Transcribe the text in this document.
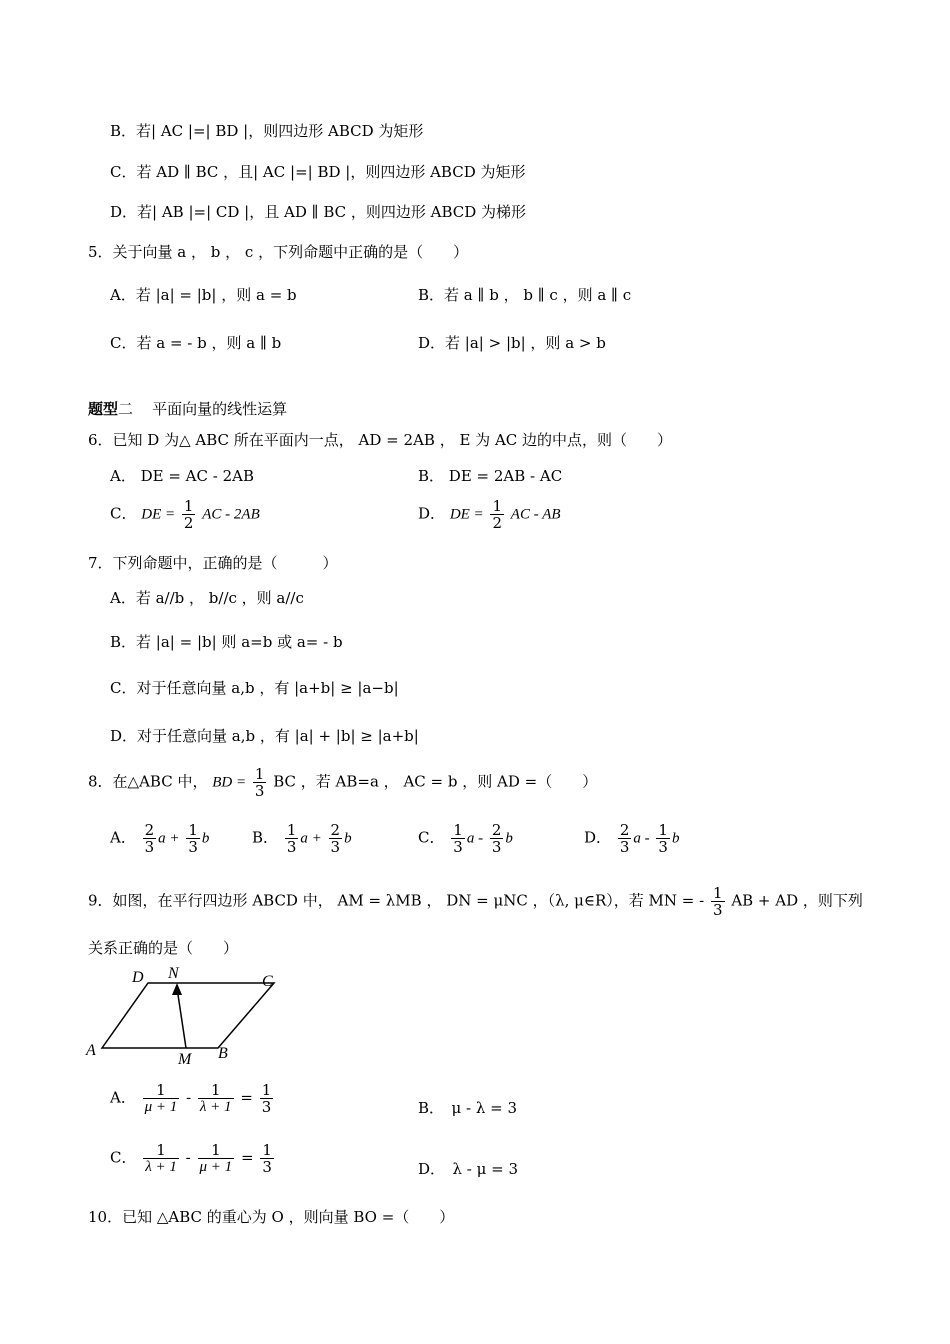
B．若| AC |=| BD |，则四边形 ABCD 为矩形
C．若 AD ∥ BC ，且| AC |=| BD |，则四边形 ABCD 为矩形
D．若| AB |=| CD |，且 AD ∥ BC ，则四边形 ABCD 为梯形
5．关于向量 a ， b ， c ，下列命题中正确的是（　　）
A．若 |a| = |b| ，则 a = b	B．若 a ∥ b ， b ∥ c ，则 a ∥ c
C．若 a = - b ，则 a ∥ b	D．若 |a| > |b| ，则 a > b
题型二 平面向量的线性运算
6．已知 D 为△ ABC 所在平面内一点， AD = 2AB ， E 为 AC 边的中点，则（　　）
A． DE = AC - 2AB	B． DE = 2AB - AC
C． DE = $\frac{1}{2}$ AC - 2AB	D． DE = $\frac{1}{2}$ AC - AB
7．下列命题中，正确的是（　　　）
A．若 a//b ， b//c ，则 a//c
B．若 |a| = |b| 则 a=b 或 a= - b
C．对于任意向量 a,b ，有 |a+b| ≥ |a−b|
D．对于任意向量 a,b ，有 |a| + |b| ≥ |a+b|
8．在△ABC 中， BD = $\frac{1}{3}$ BC ，若 AB=a ， AC = b ，则 AD =（　　）
A． $\frac{2}{3}$ $a + \frac{1}{3}$ b	B． $\frac{1}{3}$ $a + \frac{2}{3}$ b	C． $\frac{1}{3}$ a - $\frac{2}{3}$ b	D． $\frac{2}{3}$ a - $\frac{1}{3}$ b
9．如图，在平行四边形 ABCD 中， AM = λMB ， DN = μNC ，（λ, μ∈R），若 MN = - $\frac{1}{3}$ AB + AD ，则下列
关系正确的是（　　）
A	B
C
D
M
N
A． $\frac{1}{\mu + 1} - \frac{1}{\lambda + 1} = \frac{1}{3}$	B．　μ - λ = 3
C． $\frac{1}{\lambda + 1} - \frac{1}{\mu + 1} = \frac{1}{3}$	D．　λ - μ = 3
10．已知 △ABC 的重心为 O ，则向量 BO =（　　）
